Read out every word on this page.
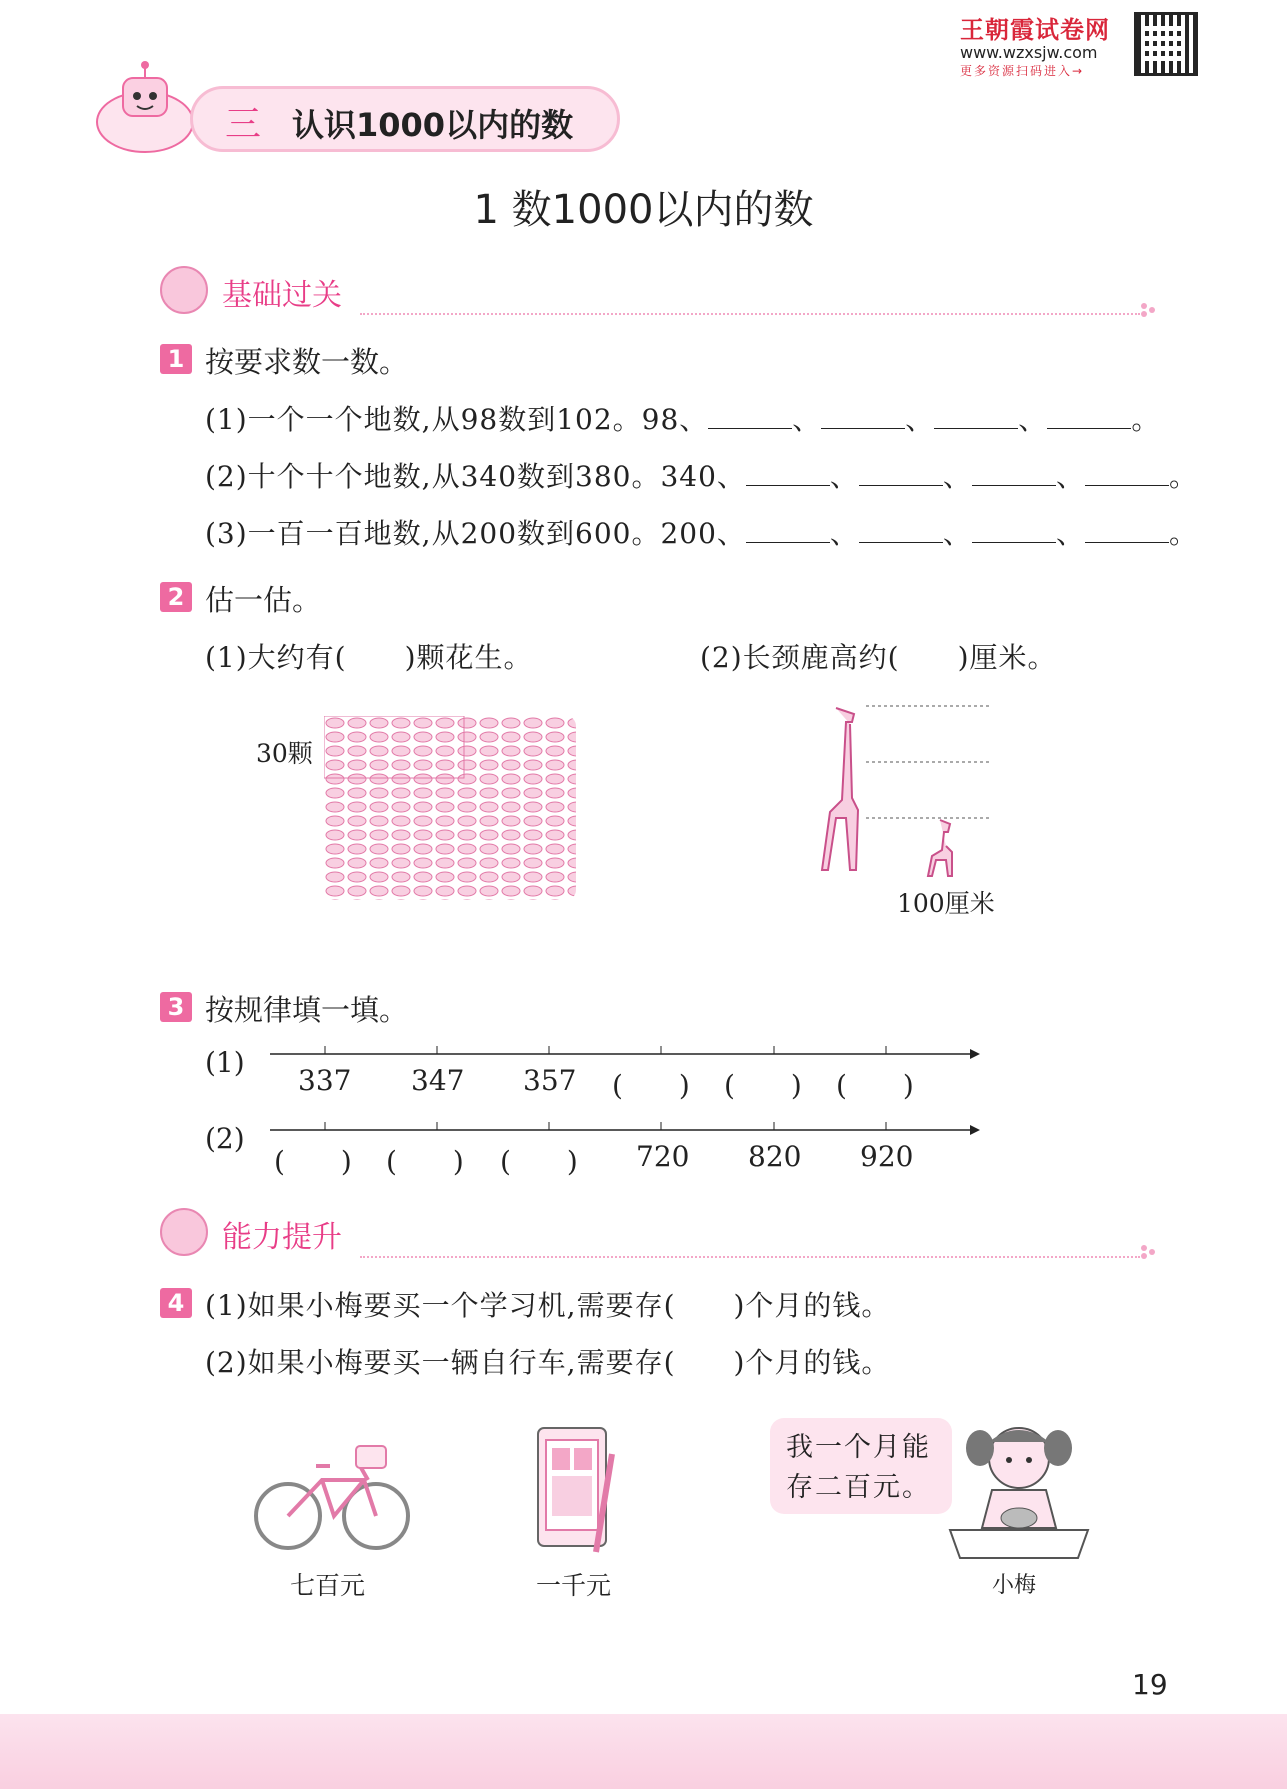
王朝霞试卷网
www.wzxsjw.com
更多资源扫码进入→
三 认识1000以内的数
1 数1000以内的数
基础过关
1 按要求数一数。
(1)一个一个地数,从98数到102。98、	、	、	、	。
(2)十个十个地数,从340数到380。340、	、	、	、	。
(3)一百一百地数,从200数到600。200、	、	、	、	。
2 估一估。
(1)大约有(　　)颗花生。	(2)长颈鹿高约(　　)厘米。
30颗
100厘米
3 按规律填一填。
(1)
337 347 357 (　　) (　　) (　　)
(2)
(　　) (　　) (　　) 720 820 920
能力提升
4 (1)如果小梅要买一个学习机,需要存(　　)个月的钱。
(2)如果小梅要买一辆自行车,需要存(　　)个月的钱。
七百元	一千元
我一个月能存二百元。
小梅
19
